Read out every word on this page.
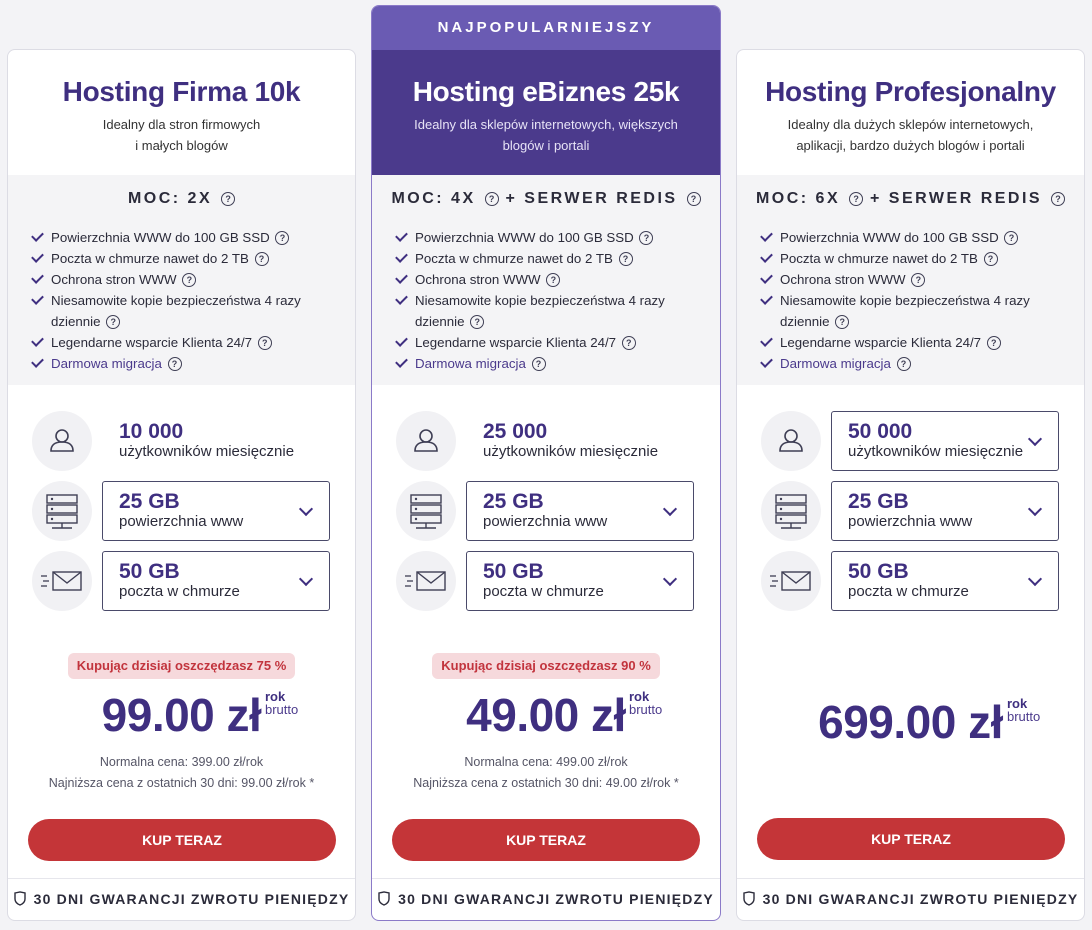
Hosting Firma 10k
Idealny dla stron firmowych
i małych blogów
MOC: 2X ?
Powierzchnia WWW do 100 GB SSD ?
Poczta w chmurze nawet do 2 TB ?
Ochrona stron WWW ?
Niesamowite kopie bezpieczeństwa 4 razy dziennie ?
Legendarne wsparcie Klienta 24/7 ?
Darmowa migracja ?
10 000
użytkowników miesięcznie
25 GB
powierzchnia www
50 GB
poczta w chmurze
Kupując dzisiaj oszczędzasz 75 %
99.00 zł rok
brutto
Normalna cena: 399.00 zł/rok
Najniższa cena z ostatnich 30 dni: 99.00 zł/rok *
KUP TERAZ
30 DNI GWARANCJI ZWROTU PIENIĘDZY
NAJPOPULARNIEJSZY
Hosting eBiznes 25k
Idealny dla sklepów internetowych, większych
blogów i portali
MOC: 4X ? + SERWER REDIS ?
Powierzchnia WWW do 100 GB SSD ?
Poczta w chmurze nawet do 2 TB ?
Ochrona stron WWW ?
Niesamowite kopie bezpieczeństwa 4 razy dziennie ?
Legendarne wsparcie Klienta 24/7 ?
Darmowa migracja ?
25 000
użytkowników miesięcznie
25 GB
powierzchnia www
50 GB
poczta w chmurze
Kupując dzisiaj oszczędzasz 90 %
49.00 zł rok
brutto
Normalna cena: 499.00 zł/rok
Najniższa cena z ostatnich 30 dni: 49.00 zł/rok *
KUP TERAZ
30 DNI GWARANCJI ZWROTU PIENIĘDZY
Hosting Profesjonalny
Idealny dla dużych sklepów internetowych,
aplikacji, bardzo dużych blogów i portali
MOC: 6X ? + SERWER REDIS ?
Powierzchnia WWW do 100 GB SSD ?
Poczta w chmurze nawet do 2 TB ?
Ochrona stron WWW ?
Niesamowite kopie bezpieczeństwa 4 razy dziennie ?
Legendarne wsparcie Klienta 24/7 ?
Darmowa migracja ?
50 000
użytkowników miesięcznie
25 GB
powierzchnia www
50 GB
poczta w chmurze
699.00 zł rok
brutto
KUP TERAZ
30 DNI GWARANCJI ZWROTU PIENIĘDZY
